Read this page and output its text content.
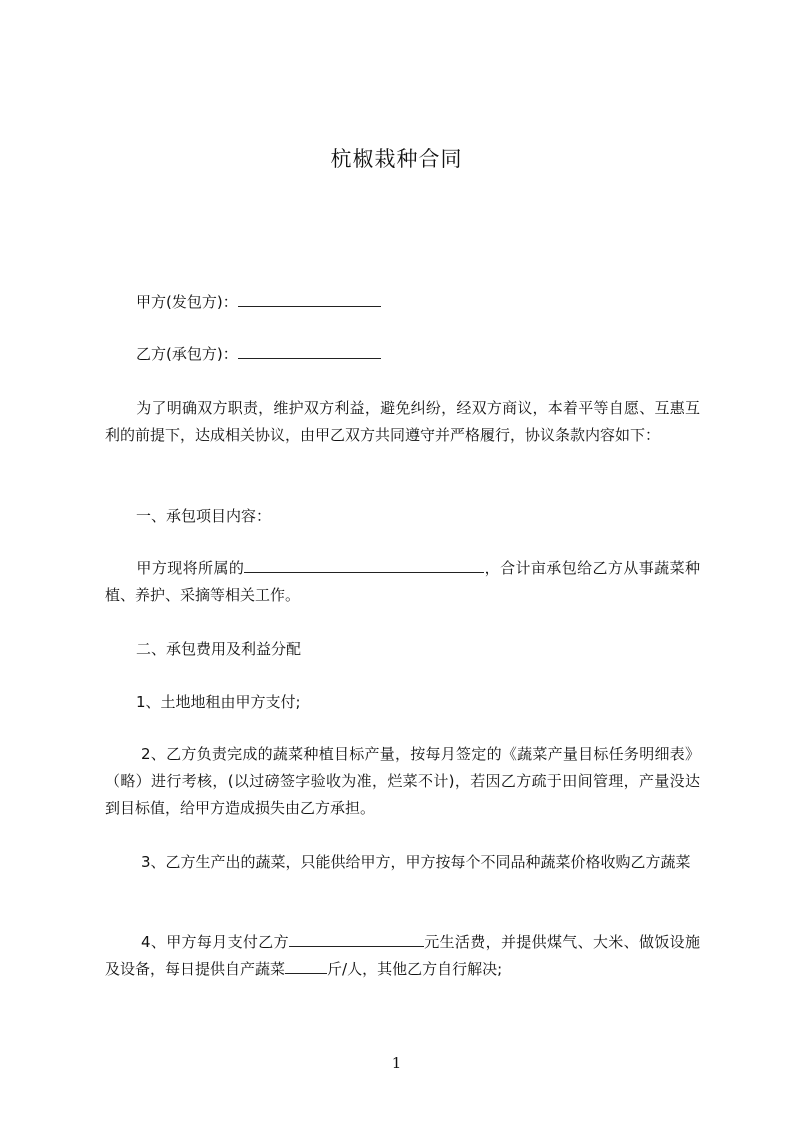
杭椒栽种合同
甲方(发包方)：
乙方(承包方)：
为了明确双方职责，维护双方利益，避免纠纷，经双方商议，本着平等自愿、互惠互利的前提下，达成相关协议，由甲乙双方共同遵守并严格履行，协议条款内容如下：
一、承包项目内容：
甲方现将所属的	，合计亩承包给乙方从事蔬菜种植、养护、采摘等相关工作。
二、承包费用及利益分配
1、土地地租由甲方支付;
2、乙方负责完成的蔬菜种植目标产量，按每月签定的《蔬菜产量目标任务明细表》（略）进行考核，(以过磅签字验收为准，烂菜不计)，若因乙方疏于田间管理，产量没达到目标值，给甲方造成损失由乙方承担。
3、乙方生产出的蔬菜，只能供给甲方，甲方按每个不同品种蔬菜价格收购乙方蔬菜
4、甲方每月支付乙方	元生活费，并提供煤气、大米、做饭设施及设备，每日提供自产蔬菜	斤/人，其他乙方自行解决;
1
